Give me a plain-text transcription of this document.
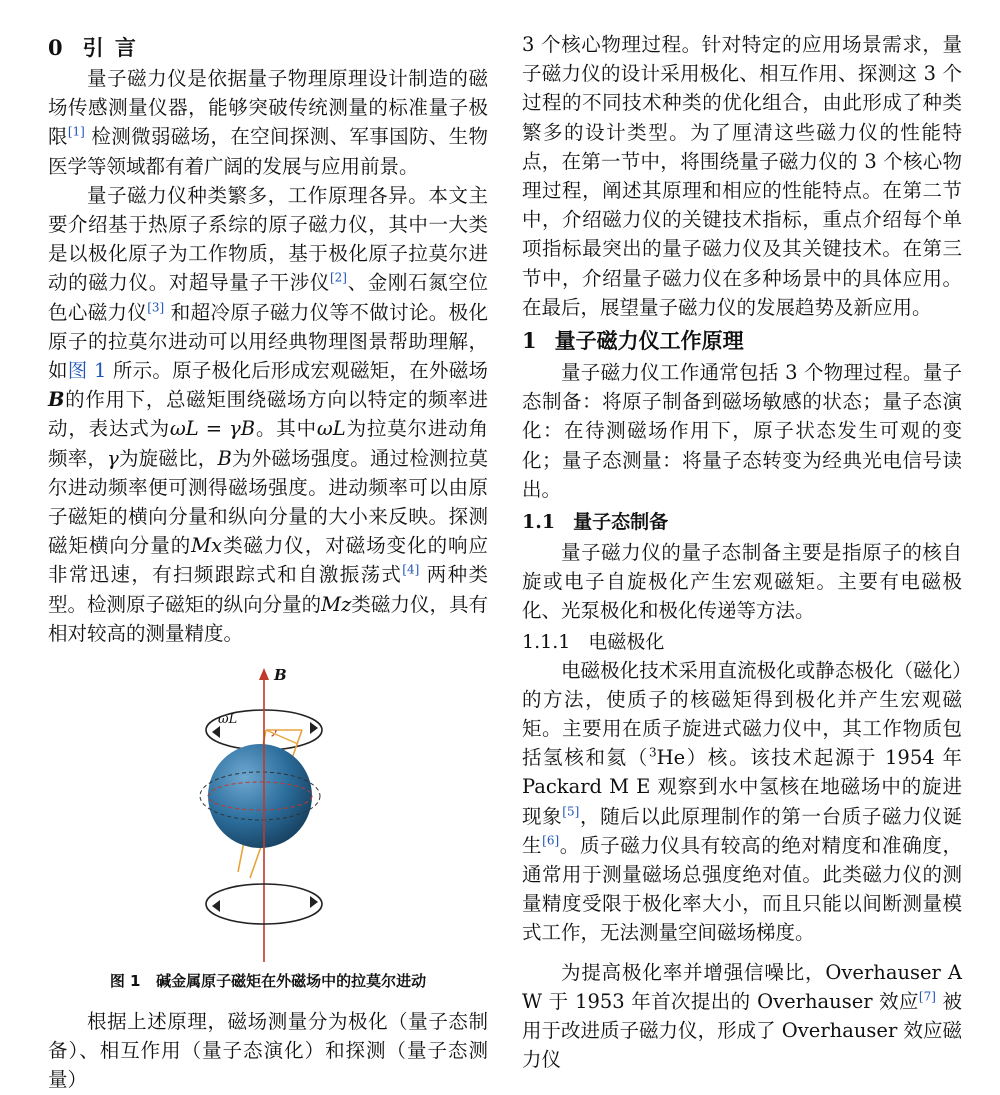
0 引 言

量子磁力仪是依据量子物理原理设计制造的磁场传感测量仪器，能够突破传统测量的标准量子极限[1] 检测微弱磁场，在空间探测、军事国防、生物医学等领域都有着广阔的发展与应用前景。

量子磁力仪种类繁多，工作原理各异。本文主要介绍基于热原子系综的原子磁力仪，其中一大类是以极化原子为工作物质，基于极化原子拉莫尔进动的磁力仪。对超导量子干涉仪[2]、金刚石氮空位色心磁力仪[3] 和超冷原子磁力仪等不做讨论。极化原子的拉莫尔进动可以用经典物理图景帮助理解，如图 1 所示。原子极化后形成宏观磁矩，在外磁场 B的作用下，总磁矩围绕磁场方向以特定的频率进动，表达式为ωL = γB。其中ωL为拉莫尔进动角频率，γ为旋磁比，B为外磁场强度。通过检测拉莫尔进动频率便可测得磁场强度。进动频率可以由原子磁矩的横向分量和纵向分量的大小来反映。探测磁矩横向分量的Mx类磁力仪，对磁场变化的响应非常迅速，有扫频跟踪式和自激振荡式[4] 两种类型。检测原子磁矩的纵向分量的Mz类磁力仪，具有相对较高的测量精度。

B
ωL
图 1 碱金属原子磁矩在外磁场中的拉莫尔进动

根据上述原理，磁场测量分为极化（量子态制备）、相互作用（量子态演化）和探测（量子态测量）

3 个核心物理过程。针对特定的应用场景需求，量子磁力仪的设计采用极化、相互作用、探测这 3 个过程的不同技术种类的优化组合，由此形成了种类繁多的设计类型。为了厘清这些磁力仪的性能特点，在第一节中，将围绕量子磁力仪的 3 个核心物理过程，阐述其原理和相应的性能特点。在第二节中，介绍磁力仪的关键技术指标，重点介绍每个单项指标最突出的量子磁力仪及其关键技术。在第三节中，介绍量子磁力仪在多种场景中的具体应用。在最后，展望量子磁力仪的发展趋势及新应用。

1 量子磁力仪工作原理

量子磁力仪工作通常包括 3 个物理过程。量子态制备：将原子制备到磁场敏感的状态；量子态演化：在待测磁场作用下，原子状态发生可观的变化；量子态测量：将量子态转变为经典光电信号读出。

1.1 量子态制备

量子磁力仪的量子态制备主要是指原子的核自旋或电子自旋极化产生宏观磁矩。主要有电磁极化、光泵极化和极化传递等方法。

1.1.1 电磁极化

电磁极化技术采用直流极化或静态极化（磁化）的方法，使质子的核磁矩得到极化并产生宏观磁矩。主要用在质子旋进式磁力仪中，其工作物质包括氢核和氦（$^3$He）核。该技术起源于 1954 年 Packard M E 观察到水中氢核在地磁场中的旋进现象[5]，随后以此原理制作的第一台质子磁力仪诞生[6]。质子磁力仪具有较高的绝对精度和准确度，通常用于测量磁场总强度绝对值。此类磁力仪的测量精度受限于极化率大小，而且只能以间断测量模式工作，无法测量空间磁场梯度。

为提高极化率并增强信噪比，Overhauser A W 于 1953 年首次提出的 Overhauser 效应[7] 被用于改进质子磁力仪，形成了 Overhauser 效应磁力仪
